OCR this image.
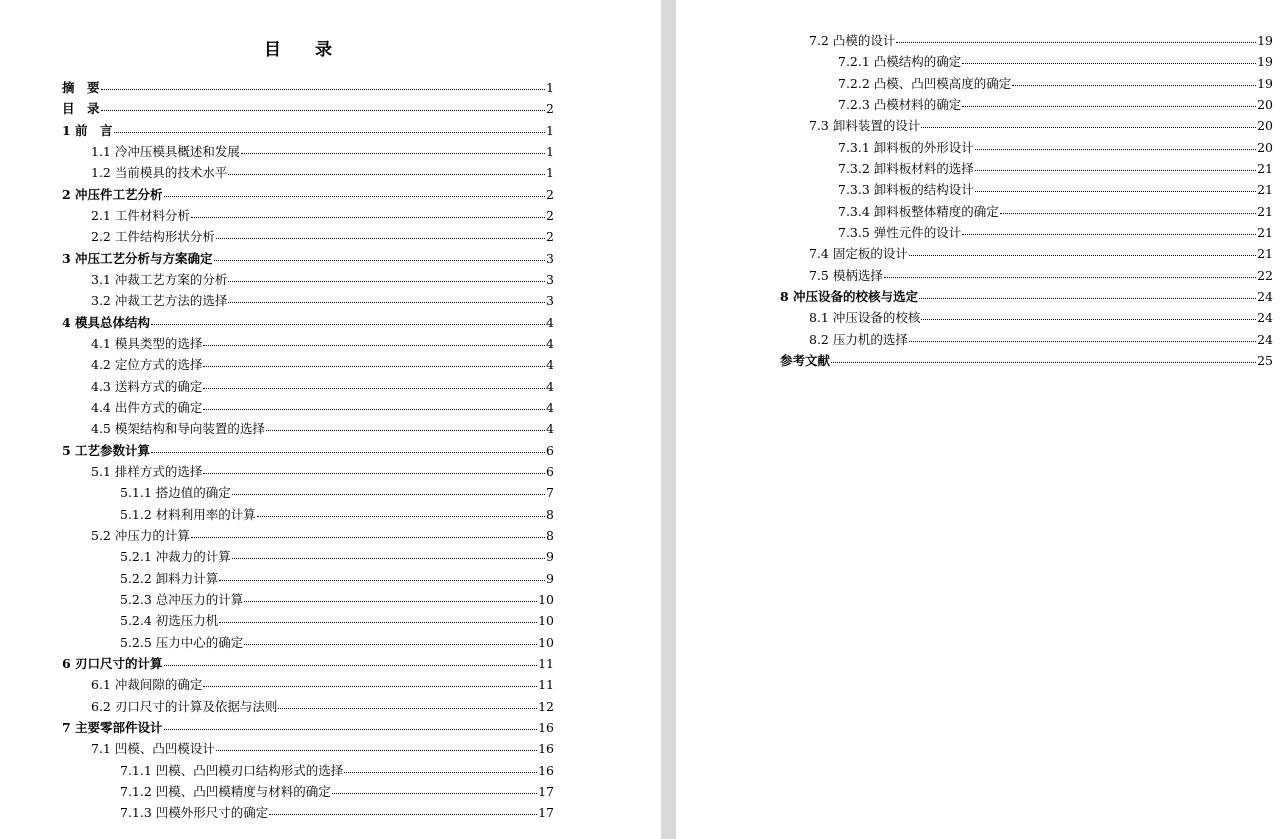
目 录
摘　要	1
目　录	2
1 前　言	1
1.1 冷冲压模具概述和发展	1
1.2 当前模具的技术水平	1
2 冲压件工艺分析	2
2.1 工件材料分析	2
2.2 工件结构形状分析	2
3 冲压工艺分析与方案确定	3
3.1 冲裁工艺方案的分析	3
3.2 冲裁工艺方法的选择	3
4 模具总体结构	4
4.1 模具类型的选择	4
4.2 定位方式的选择	4
4.3 送料方式的确定	4
4.4 出件方式的确定	4
4.5 模架结构和导向装置的选择	4
5 工艺参数计算	6
5.1 排样方式的选择	6
5.1.1 搭边值的确定	7
5.1.2 材料利用率的计算	8
5.2 冲压力的计算	8
5.2.1 冲裁力的计算	9
5.2.2 卸料力计算	9
5.2.3 总冲压力的计算	10
5.2.4 初选压力机	10
5.2.5 压力中心的确定	10
6 刃口尺寸的计算	11
6.1 冲裁间隙的确定	11
6.2 刃口尺寸的计算及依据与法则	12
7 主要零部件设计	16
7.1 凹模、凸凹模设计	16
7.1.1 凹模、凸凹模刃口结构形式的选择	16
7.1.2 凹模、凸凹模精度与材料的确定	17
7.1.3 凹模外形尺寸的确定	17
7.2 凸模的设计	19
7.2.1 凸模结构的确定	19
7.2.2 凸模、凸凹模高度的确定	19
7.2.3 凸模材料的确定	20
7.3 卸料装置的设计	20
7.3.1 卸料板的外形设计	20
7.3.2 卸料板材料的选择	21
7.3.3 卸料板的结构设计	21
7.3.4 卸料板整体精度的确定	21
7.3.5 弹性元件的设计	21
7.4 固定板的设计	21
7.5 模柄选择	22
8 冲压设备的校核与选定	24
8.1 冲压设备的校核	24
8.2 压力机的选择	24
参考文献	25
